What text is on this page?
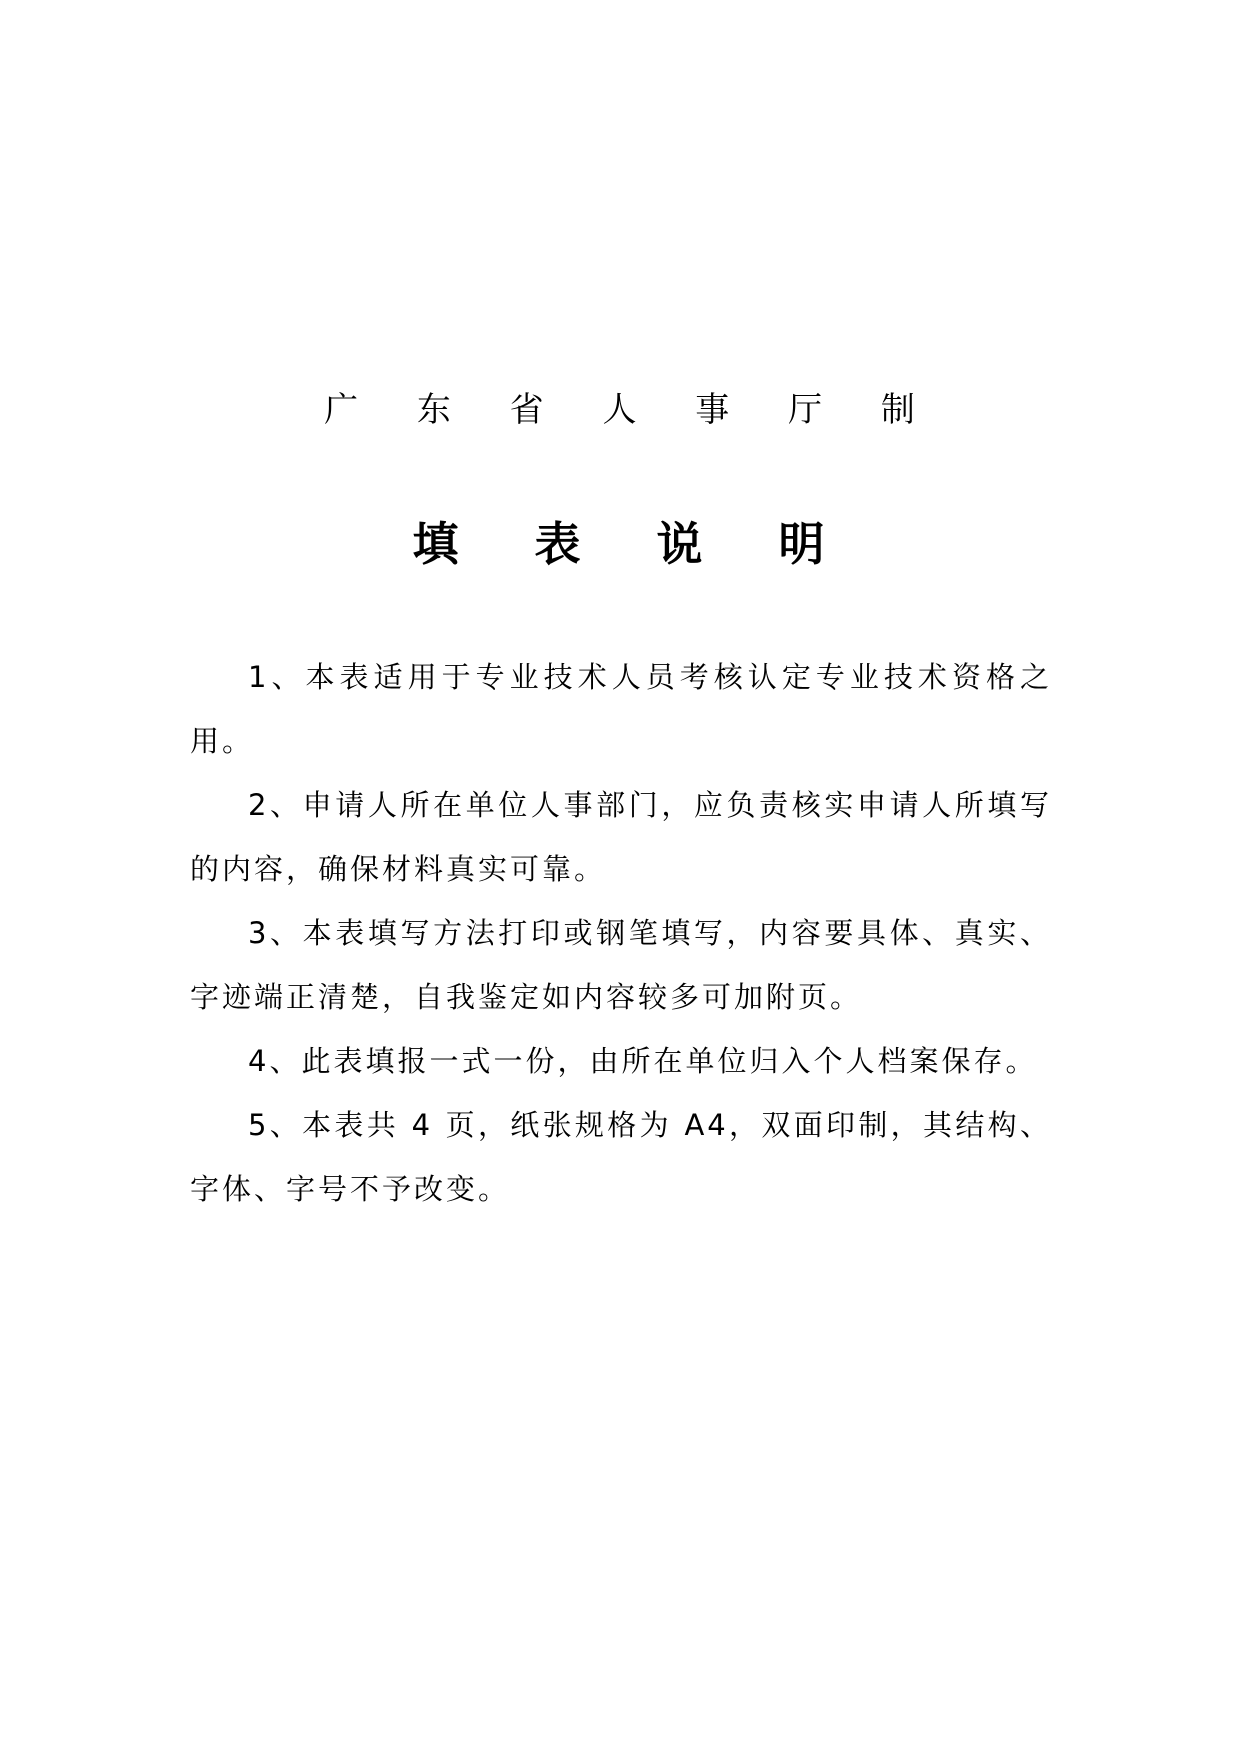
广 东 省 人 事 厅 制
填 表 说 明
1、本表适用于专业技术人员考核认定专业技术资格之用。
2、申请人所在单位人事部门，应负责核实申请人所填写的内容，确保材料真实可靠。
3、本表填写方法打印或钢笔填写，内容要具体、真实、字迹端正清楚，自我鉴定如内容较多可加附页。
4、此表填报一式一份，由所在单位归入个人档案保存。
5、本表共 4 页，纸张规格为 A4，双面印制，其结构、字体、字号不予改变。
